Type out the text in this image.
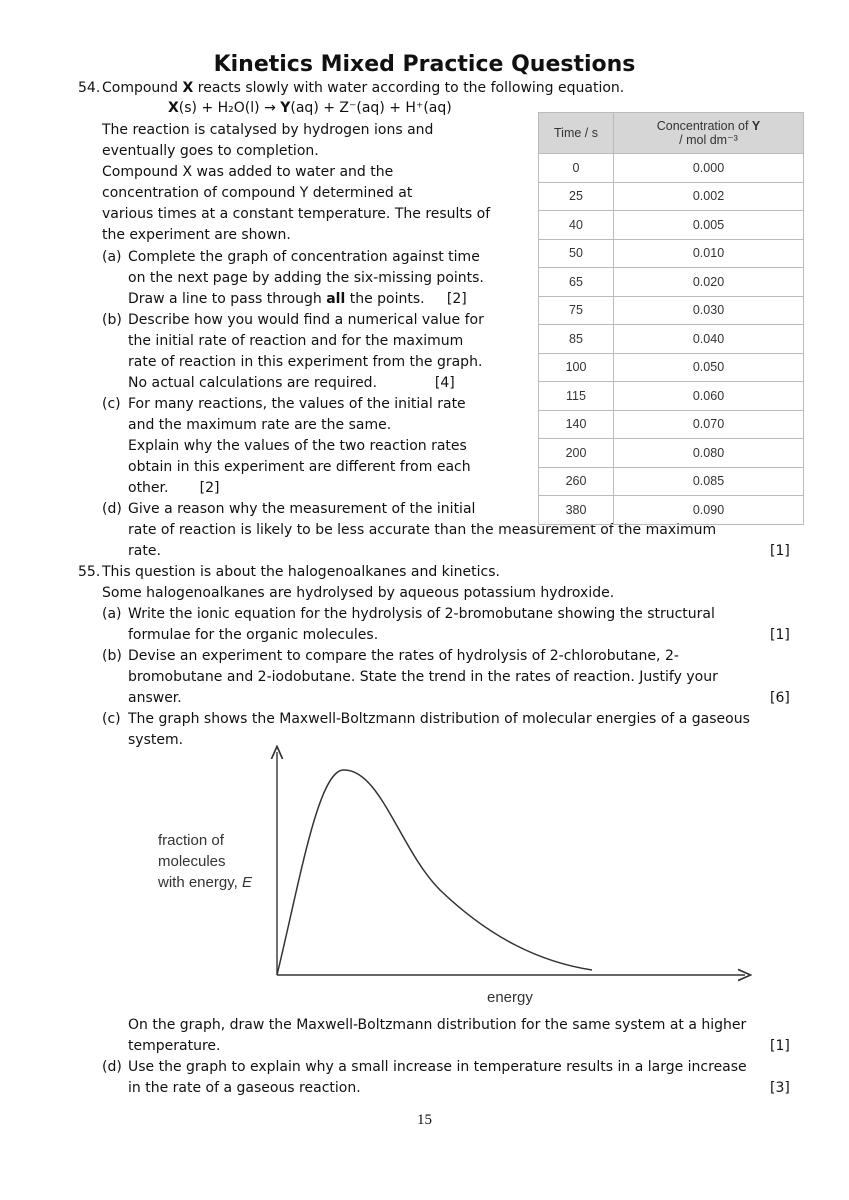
Kinetics Mixed Practice Questions
54. Compound X reacts slowly with water according to the following equation.
X(s) + H₂O(l) → Y(aq) + Z⁻(aq) + H⁺(aq)
The reaction is catalysed by hydrogen ions and
eventually goes to completion.
Compound X was added to water and the
concentration of compound Y determined at
various times at a constant temperature. The results of
the experiment are shown.
(a) Complete the graph of concentration against time
on the next page by adding the six-missing points.
Draw a line to pass through all the points.     [2]
(b) Describe how you would find a numerical value for
the initial rate of reaction and for the maximum
rate of reaction in this experiment from the graph.
No actual calculations are required.             [4]
(c) For many reactions, the values of the initial rate
and the maximum rate are the same.
Explain why the values of the two reaction rates
obtain in this experiment are different from each
other.       [2]
(d) Give a reason why the measurement of the initial
rate of reaction is likely to be less accurate than the measurement of the maximum
rate.	[1]
55. This question is about the halogenoalkanes and kinetics.
Some halogenoalkanes are hydrolysed by aqueous potassium hydroxide.
(a) Write the ionic equation for the hydrolysis of 2-bromobutane showing the structural
formulae for the organic molecules.	[1]
(b) Devise an experiment to compare the rates of hydrolysis of 2-chlorobutane, 2-
bromobutane and 2-iodobutane. State the trend in the rates of reaction. Justify your
answer.	[6]
(c) The graph shows the Maxwell-Boltzmann distribution of molecular energies of a gaseous
system.
On the graph, draw the Maxwell-Boltzmann distribution for the same system at a higher
temperature.	[1]
(d) Use the graph to explain why a small increase in temperature results in a large increase
in the rate of a gaseous reaction.	[3]
Time / s	Concentration of Y
/ mol dm⁻³
0	0.000
25	0.002
40	0.005
50	0.010
65	0.020
75	0.030
85	0.040
100	0.050
115	0.060
140	0.070
200	0.080
260	0.085
380	0.090
fraction of
molecules
with energy, E
energy
15
